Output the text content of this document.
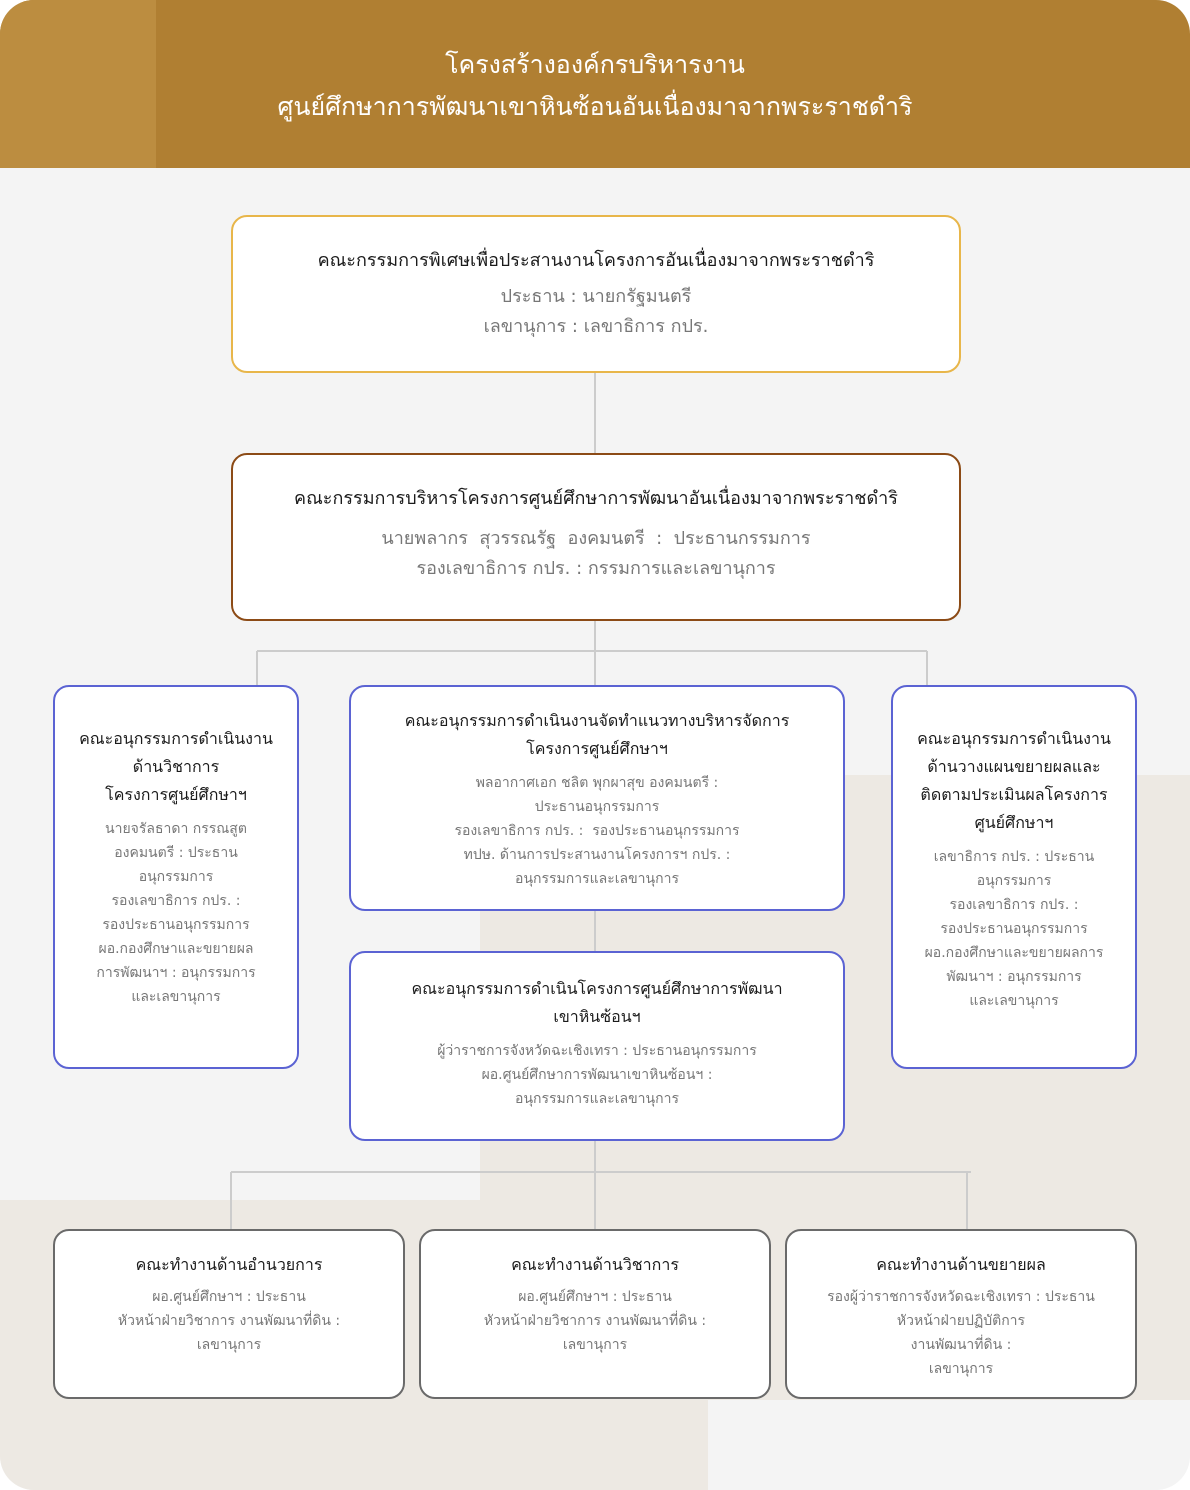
โครงสร้างองค์กรบริหารงาน
ศูนย์ศึกษาการพัฒนาเขาหินซ้อนอันเนื่องมาจากพระราชดำริ
คณะกรรมการพิเศษเพื่อประสานงานโครงการอันเนื่องมาจากพระราชดำริ
ประธาน : นายกรัฐมนตรี
เลขานุการ : เลขาธิการ กปร.
คณะกรรมการบริหารโครงการศูนย์ศึกษาการพัฒนาอันเนื่องมาจากพระราชดำริ
นายพลากร  สุวรรณรัฐ  องคมนตรี  :  ประธานกรรมการ
รองเลขาธิการ กปร. : กรรมการและเลขานุการ
คณะอนุกรรมการดำเนินงาน
ด้านวิชาการ
โครงการศูนย์ศึกษาฯ
นายจรัลธาดา กรรณสูต
องคมนตรี : ประธาน
อนุกรรมการ
รองเลขาธิการ กปร. :
รองประธานอนุกรรมการ
ผอ.กองศึกษาและขยายผล
การพัฒนาฯ : อนุกรรมการ
และเลขานุการ
คณะอนุกรรมการดำเนินงานจัดทำแนวทางบริหารจัดการ
โครงการศูนย์ศึกษาฯ
พลอากาศเอก ชลิต พุกผาสุข องคมนตรี :
ประธานอนุกรรมการ
รองเลขาธิการ กปร. :  รองประธานอนุกรรมการ
ทปษ. ด้านการประสานงานโครงการฯ กปร. :
อนุกรรมการและเลขานุการ
คณะอนุกรรมการดำเนินโครงการศูนย์ศึกษาการพัฒนา
เขาหินซ้อนฯ
ผู้ว่าราชการจังหวัดฉะเชิงเทรา : ประธานอนุกรรมการ
ผอ.ศูนย์ศึกษาการพัฒนาเขาหินซ้อนฯ :
อนุกรรมการและเลขานุการ
คณะอนุกรรมการดำเนินงาน
ด้านวางแผนขยายผลและ
ติดตามประเมินผลโครงการ
ศูนย์ศึกษาฯ
เลขาธิการ กปร. : ประธาน
อนุกรรมการ
รองเลขาธิการ กปร. :
รองประธานอนุกรรมการ
ผอ.กองศึกษาและขยายผลการ
พัฒนาฯ : อนุกรรมการ
และเลขานุการ
คณะทำงานด้านอำนวยการ
ผอ.ศูนย์ศึกษาฯ : ประธาน
หัวหน้าฝ่ายวิชาการ งานพัฒนาที่ดิน :
เลขานุการ
คณะทำงานด้านวิชาการ
ผอ.ศูนย์ศึกษาฯ : ประธาน
หัวหน้าฝ่ายวิชาการ งานพัฒนาที่ดิน :
เลขานุการ
คณะทำงานด้านขยายผล
รองผู้ว่าราชการจังหวัดฉะเชิงเทรา : ประธาน
หัวหน้าฝ่ายปฏิบัติการ
งานพัฒนาที่ดิน :
เลขานุการ
